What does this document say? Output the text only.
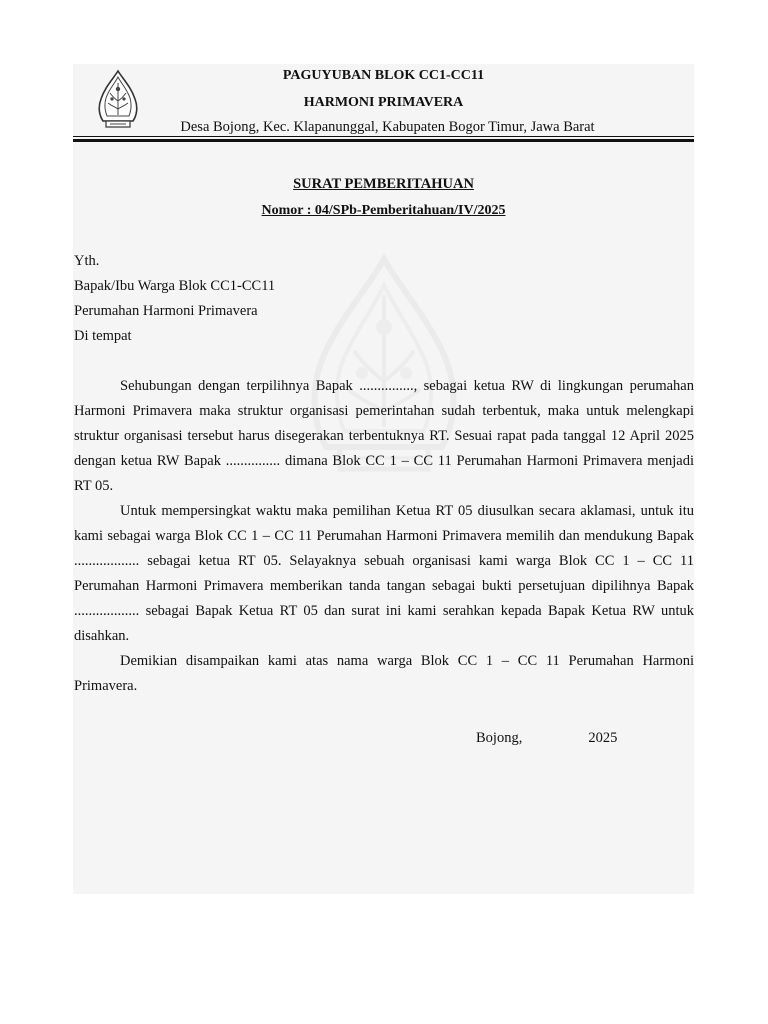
PAGUYUBAN BLOK CC1-CC11
HARMONI PRIMAVERA
Desa Bojong, Kec. Klapanunggal, Kabupaten Bogor Timur, Jawa Barat
SURAT PEMBERITAHUAN
Nomor : 04/SPb-Pemberitahuan/IV/2025
Yth.
Bapak/Ibu Warga Blok CC1-CC11
Perumahan Harmoni Primavera
Di tempat

Sehubungan dengan terpilihnya Bapak ..............., sebagai ketua RW di lingkungan perumahan Harmoni Primavera maka struktur organisasi pemerintahan sudah terbentuk, maka untuk melengkapi struktur organisasi tersebut harus disegerakan terbentuknya RT. Sesuai rapat pada tanggal 12 April 2025 dengan ketua RW Bapak ............... dimana Blok CC 1 – CC 11 Perumahan Harmoni Primavera menjadi RT 05.

Untuk mempersingkat waktu maka pemilihan Ketua RT 05 diusulkan secara aklamasi, untuk itu kami sebagai warga Blok CC 1 – CC 11 Perumahan Harmoni Primavera memilih dan mendukung Bapak .................. sebagai ketua RT 05. Selayaknya sebuah organisasi kami warga Blok CC 1 – CC 11 Perumahan Harmoni Primavera memberikan tanda tangan sebagai bukti persetujuan dipilihnya Bapak .................. sebagai Bapak Ketua RT 05 dan surat ini kami serahkan kepada Bapak Ketua RW untuk disahkan.

Demikian disampaikan kami atas nama warga Blok CC 1 – CC 11 Perumahan Harmoni Primavera.

Bojong,	2025
